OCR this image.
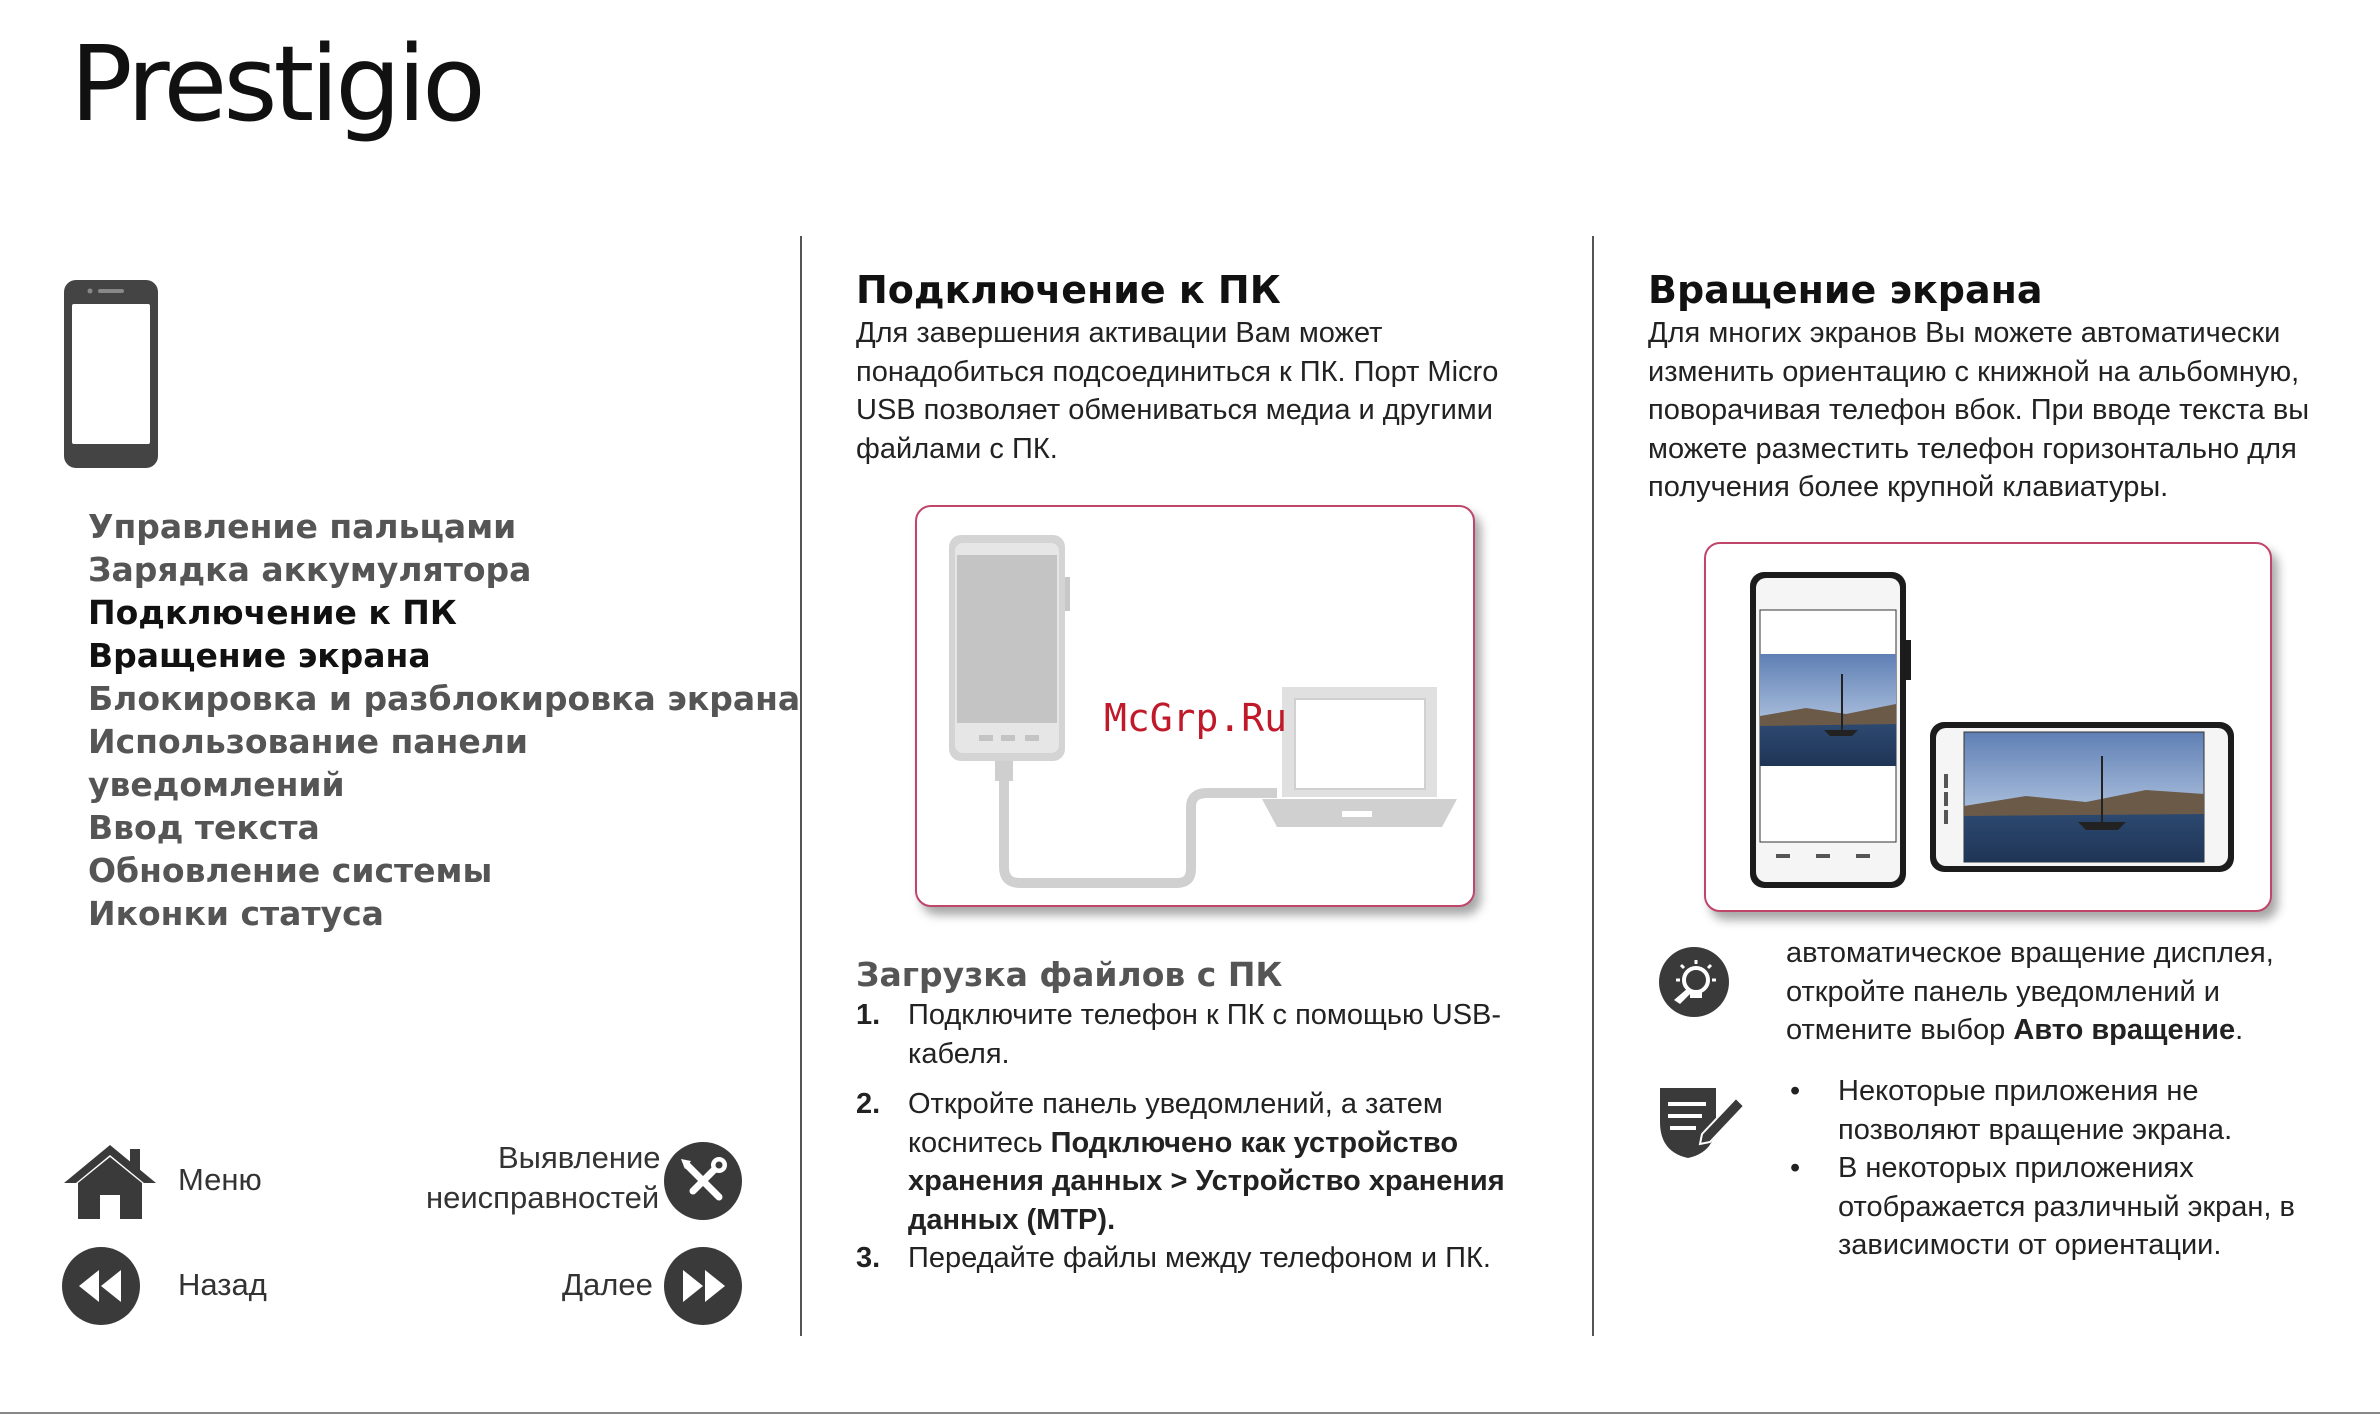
Prestigio
Управление пальцами
Зарядка аккумулятора
Подключение к ПК
Вращение экрана
Блокировка и разблокировка экрана
Использование панели
уведомлений
Ввод текста
Обновление системы
Иконки статуса
Меню
Выявление
неисправностей
Назад	Далее
Подключение к ПК
Для завершения активации Вам может
понадобиться подсоединиться к ПК. Порт Micro
USB позволяет обмениваться медиа и другими
файлами с ПК.
McGrp.Ru
Загрузка файлов с ПК
1. Подключите телефон к ПК с помощью USB-
кабеля.
2. Откройте панель уведомлений, а затем
коснитесь Подключено как устройство
хранения данных > Устройство хранения
данных (MTP).
3. Передайте файлы между телефоном и ПК.
Вращение экрана
Для многих экранов Вы можете автоматически
изменить ориентацию с книжной на альбомную,
поворачивая телефон вбок. При вводе текста вы
можете разместить телефон горизонтально для
получения более крупной клавиатуры.
автоматическое вращение дисплея,
откройте панель уведомлений и
отмените выбор Авто вращение.
• Некоторые приложения не
позволяют вращение экрана.
• В некоторых приложениях
отображается различный экран, в
зависимости от ориентации.
